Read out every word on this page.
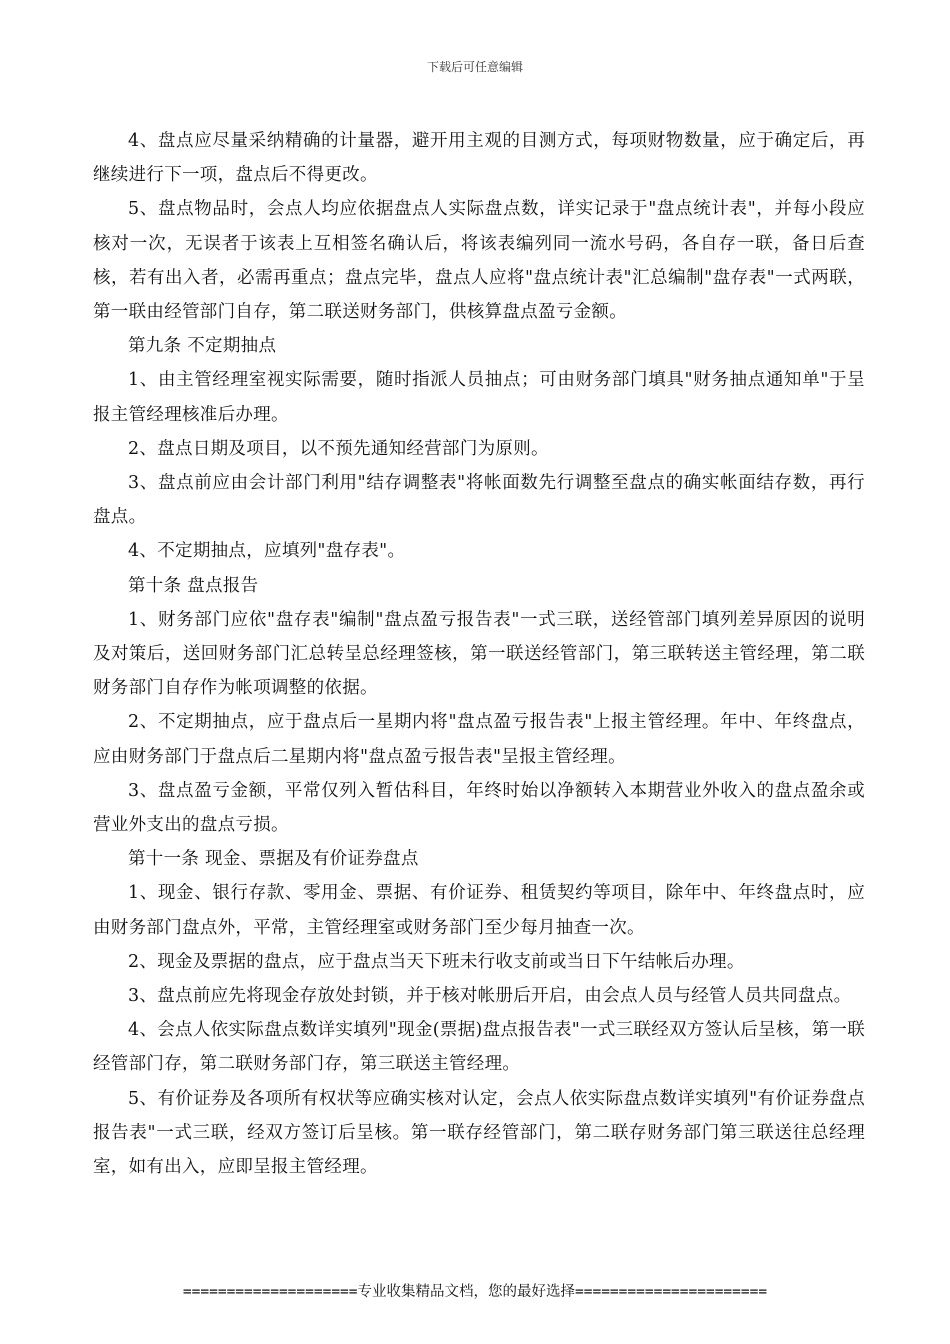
下载后可任意编辑

4、盘点应尽量采纳精确的计量器，避开用主观的目测方式，每项财物数量，应于确定后，再继续进行下一项，盘点后不得更改。

5、盘点物品时，会点人均应依据盘点人实际盘点数，详实记录于"盘点统计表"，并每小段应核对一次，无误者于该表上互相签名确认后，将该表编列同一流水号码，各自存一联，备日后查核，若有出入者，必需再重点；盘点完毕，盘点人应将"盘点统计表"汇总编制"盘存表"一式两联，第一联由经管部门自存，第二联送财务部门，供核算盘点盈亏金额。

第九条 不定期抽点

1、由主管经理室视实际需要，随时指派人员抽点；可由财务部门填具"财务抽点通知单"于呈报主管经理核准后办理。

2、盘点日期及项目，以不预先通知经营部门为原则。

3、盘点前应由会计部门利用"结存调整表"将帐面数先行调整至盘点的确实帐面结存数，再行盘点。

4、不定期抽点，应填列"盘存表"。

第十条 盘点报告

1、财务部门应依"盘存表"编制"盘点盈亏报告表"一式三联，送经管部门填列差异原因的说明及对策后，送回财务部门汇总转呈总经理签核，第一联送经管部门，第三联转送主管经理，第二联财务部门自存作为帐项调整的依据。

2、不定期抽点，应于盘点后一星期内将"盘点盈亏报告表"上报主管经理。年中、年终盘点，应由财务部门于盘点后二星期内将"盘点盈亏报告表"呈报主管经理。

3、盘点盈亏金额，平常仅列入暂估科目，年终时始以净额转入本期营业外收入的盘点盈余或营业外支出的盘点亏损。

第十一条 现金、票据及有价证券盘点

1、现金、银行存款、零用金、票据、有价证券、租赁契约等项目，除年中、年终盘点时，应由财务部门盘点外，平常，主管经理室或财务部门至少每月抽查一次。

2、现金及票据的盘点，应于盘点当天下班未行收支前或当日下午结帐后办理。

3、盘点前应先将现金存放处封锁，并于核对帐册后开启，由会点人员与经管人员共同盘点。

4、会点人依实际盘点数详实填列"现金(票据)盘点报告表"一式三联经双方签认后呈核，第一联经管部门存，第二联财务部门存，第三联送主管经理。

5、有价证券及各项所有权状等应确实核对认定，会点人依实际盘点数详实填列"有价证券盘点报告表"一式三联，经双方签订后呈核。第一联存经管部门，第二联存财务部门第三联送往总经理室，如有出入，应即呈报主管经理。

====================专业收集精品文档，您的最好选择======================
